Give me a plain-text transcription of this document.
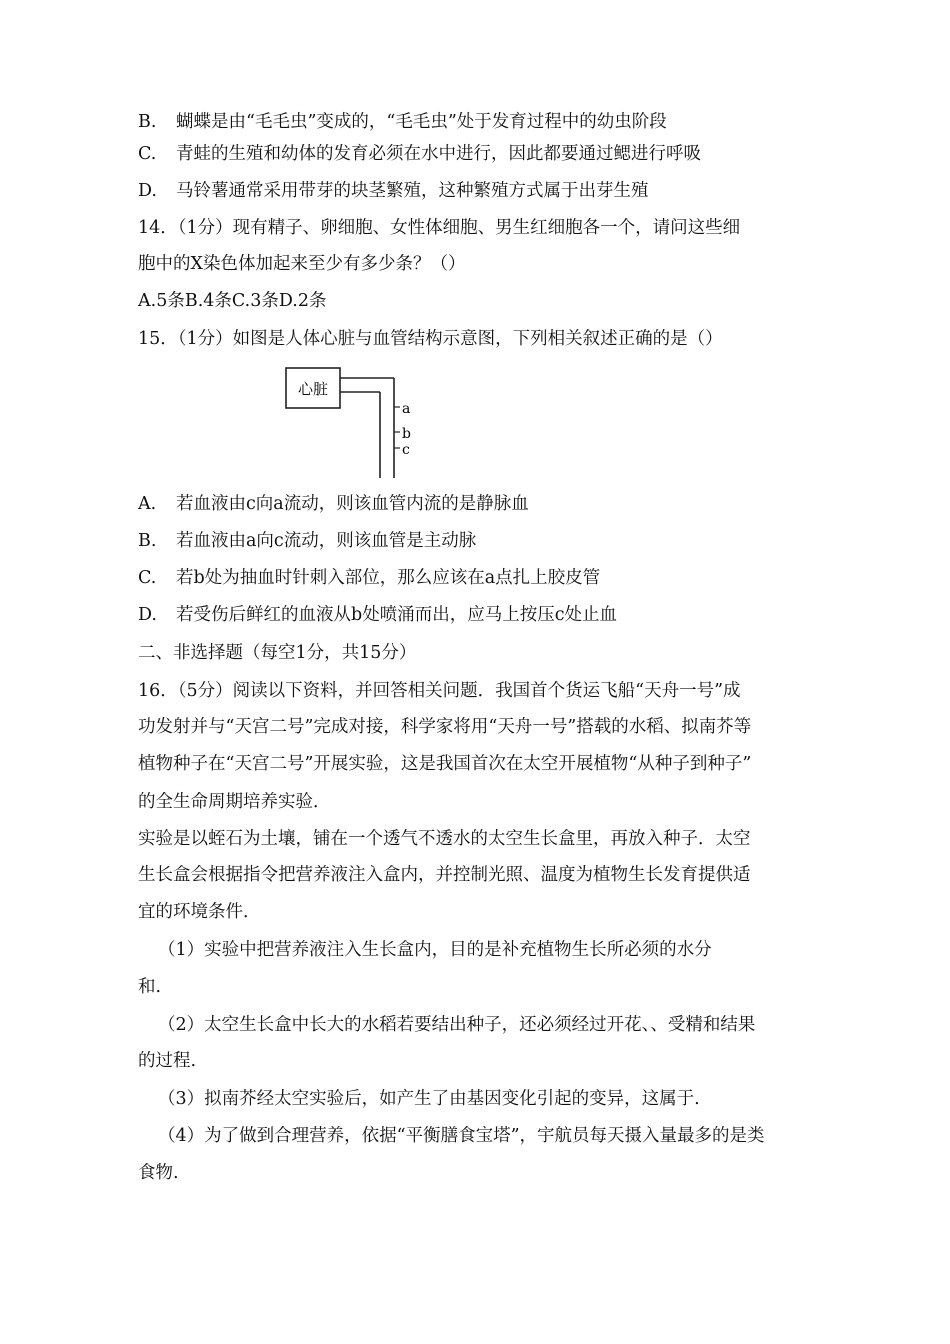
B. 蝴蝶是由“毛毛虫”变成的，“毛毛虫”处于发育过程中的幼虫阶段
C. 青蛙的生殖和幼体的发育必须在水中进行，因此都要通过鳃进行呼吸
D. 马铃薯通常采用带芽的块茎繁殖，这种繁殖方式属于出芽生殖
14．（1分）现有精子、卵细胞、女性体细胞、男生红细胞各一个，请问这些细
胞中的X染色体加起来至少有多少条？（）
A.5条B.4条C.3条D.2条
15．（1分）如图是人体心脏与血管结构示意图，下列相关叙述正确的是（）
心脏
a
b
c
A. 若血液由c向a流动，则该血管内流的是静脉血
B. 若血液由a向c流动，则该血管是主动脉
C. 若b处为抽血时针刺入部位，那么应该在a点扎上胶皮管
D. 若受伤后鲜红的血液从b处喷涌而出，应马上按压c处止血
二、非选择题（每空1分，共15分）
16．（5分）阅读以下资料，并回答相关问题．我国首个货运飞船“天舟一号”成
功发射并与“天宫二号”完成对接，科学家将用“天舟一号”搭载的水稻、拟南芥等
植物种子在“天宫二号”开展实验，这是我国首次在太空开展植物“从种子到种子”
的全生命周期培养实验．
实验是以蛭石为土壤，铺在一个透气不透水的太空生长盒里，再放入种子．太空
生长盒会根据指令把营养液注入盒内，并控制光照、温度为植物生长发育提供适
宜的环境条件．
（1）实验中把营养液注入生长盒内，目的是补充植物生长所必须的水分
和.
（2）太空生长盒中长大的水稻若要结出种子，还必须经过开花、、受精和结果
的过程.
（3）拟南芥经太空实验后，如产生了由基因变化引起的变异，这属于.
（4）为了做到合理营养，依据“平衡膳食宝塔”，宇航员每天摄入量最多的是类
食物.
